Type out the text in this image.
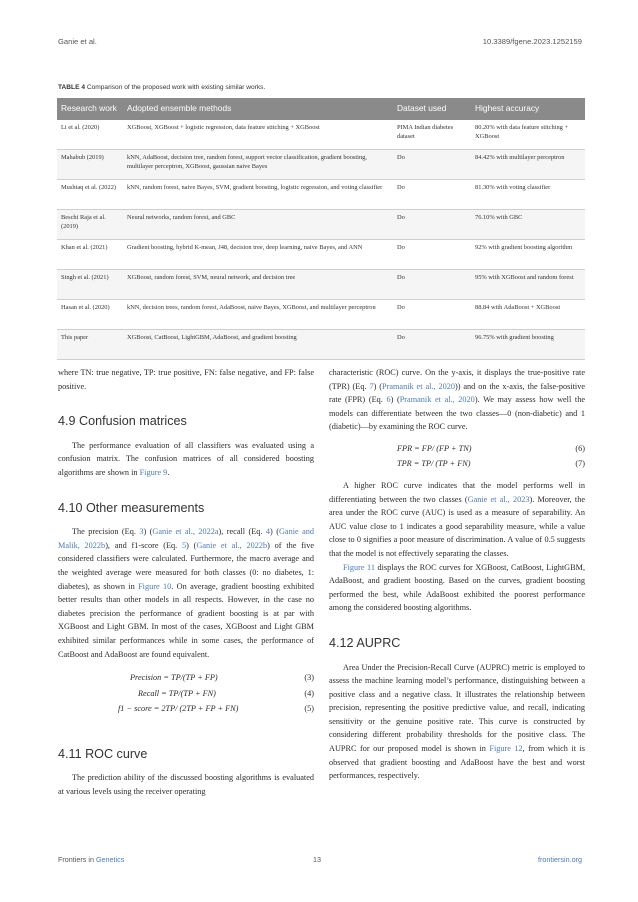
Ganie et al.	10.3389/fgene.2023.1252159
TABLE 4 Comparison of the proposed work with existing similar works.
Research work	Adopted ensemble methods	Dataset used	Highest accuracy
Li et al. (2020)	XGBoost, XGBoost + logistic regression, data feature stitching + XGBoost	PIMA Indian diabetes dataset	80.20% with data feature stitching + XGBoost
Mahabub (2019)	kNN, AdaBoost, decision tree, random forest, support vector classification, gradient boosting, multilayer perceptron, XGBoost, gaussian naive Bayes	Do	84.42% with multilayer perceptron
Mushtaq et al. (2022)	kNN, random forest, naive Bayes, SVM, gradient boosting, logistic regression, and voting classifier	Do	81.30% with voting classifier
Beschi Raja et al. (2019)	Neural networks, random forest, and GBC	Do	76.10% with GBC
Khan et al. (2021)	Gradient boosting, hybrid K-mean, J48, decision tree, deep learning, naive Bayes, and ANN	Do	92% with gradient boosting algorithm
Singh et al. (2021)	XGBoost, random forest, SVM, neural network, and decision tree	Do	95% with XGBoost and random forest
Hasan et al. (2020)	kNN, decision trees, random forest, AdaBoost, naive Bayes, XGBoost, and multilayer perceptron	Do	88.84 with AdaBoost + XGBoost
This paper	XGBoost, CatBoost, LightGBM, AdaBoost, and gradient boosting	Do	96.75% with gradient boosting

where TN: true negative, TP: true positive, FN: false negative, and FP: false positive.

4.9 Confusion matrices

The performance evaluation of all classifiers was evaluated using a confusion matrix. The confusion matrices of all considered boosting algorithms are shown in Figure 9.

4.10 Other measurements

The precision (Eq. 3) (Ganie et al., 2022a), recall (Eq. 4) (Ganie and Malik, 2022b), and f1-score (Eq. 5) (Ganie et al., 2022b) of the five considered classifiers were calculated. Furthermore, the macro average and the weighted average were measured for both classes (0: no diabetes, 1: diabetes), as shown in Figure 10. On average, gradient boosting exhibited better results than other models in all respects. However, in the case no diabetes precision the performance of gradient boosting is at par with XGBoost and Light GBM. In most of the cases, XGBoost and Light GBM exhibited similar performances while in some cases, the performance of CatBoost and AdaBoost are found equivalent.

Precision = TP/(TP + FP)	(3)
Recall = TP/(TP + FN)	(4)
f1 − score = 2TP/ (2TP + FP + FN)	(5)
4.11 ROC curve

The prediction ability of the discussed boosting algorithms is evaluated at various levels using the receiver operating

characteristic (ROC) curve. On the y-axis, it displays the true-positive rate (TPR) (Eq. 7) (Pramanik et al., 2020)) and on the x-axis, the false-positive rate (FPR) (Eq. 6) (Pramanik et al., 2020). We may assess how well the models can differentiate between the two classes—0 (non-diabetic) and 1 (diabetic)—by examining the ROC curve.

FPR = FP/ (FP + TN)	(6)
TPR = TP/ (TP + FN)	(7)

A higher ROC curve indicates that the model performs well in differentiating between the two classes (Ganie et al., 2023). Moreover, the area under the ROC curve (AUC) is used as a measure of separability. An AUC value close to 1 indicates a good separability measure, while a value close to 0 signifies a poor measure of discrimination. A value of 0.5 suggests that the model is not effectively separating the classes.

Figure 11 displays the ROC curves for XGBoost, CatBoost, LightGBM, AdaBoost, and gradient boosting. Based on the curves, gradient boosting performed the best, while AdaBoost exhibited the poorest performance among the considered boosting algorithms.

4.12 AUPRC

Area Under the Precision-Recall Curve (AUPRC) metric is employed to assess the machine learning model’s performance, distinguishing between a positive class and a negative class. It illustrates the relationship between precision, representing the positive predictive value, and recall, indicating sensitivity or the genuine positive rate. This curve is constructed by considering different probability thresholds for the positive class. The AUPRC for our proposed model is shown in Figure 12, from which it is observed that gradient boosting and AdaBoost have the best and worst performances, respectively.

Frontiers in Genetics	13	frontiersin.org
